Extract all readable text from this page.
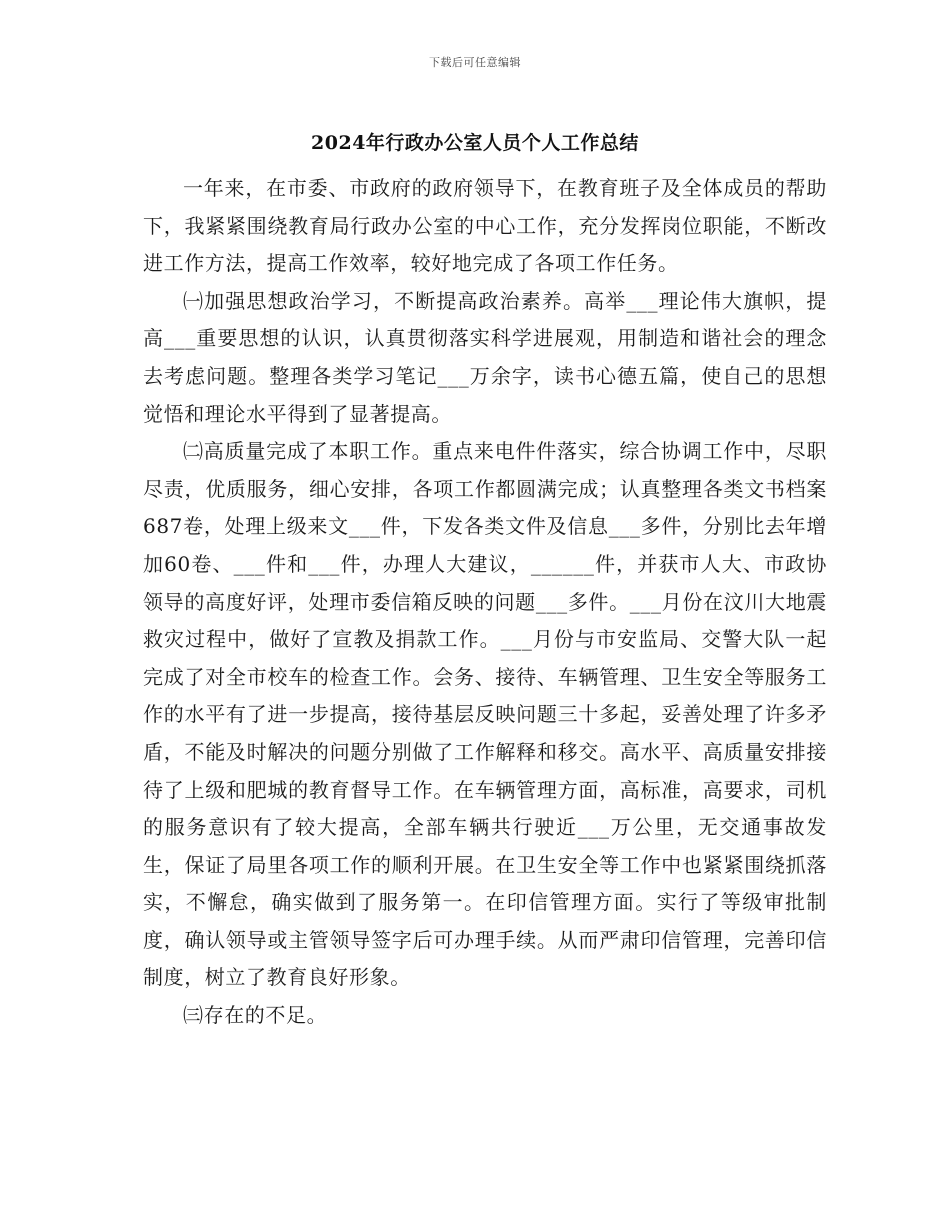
下载后可任意编辑
2024年行政办公室人员个人工作总结

一年来，在市委、市政府的政府领导下，在教育班子及全体成员的帮助下，我紧紧围绕教育局行政办公室的中心工作，充分发挥岗位职能，不断改进工作方法，提高工作效率，较好地完成了各项工作任务。

㈠加强思想政治学习，不断提高政治素养。高举___理论伟大旗帜，提高___重要思想的认识，认真贯彻落实科学进展观，用制造和谐社会的理念去考虑问题。整理各类学习笔记___万余字，读书心德五篇，使自己的思想觉悟和理论水平得到了显著提高。

㈡高质量完成了本职工作。重点来电件件落实，综合协调工作中，尽职尽责，优质服务，细心安排，各项工作都圆满完成；认真整理各类文书档案687卷，处理上级来文___件，下发各类文件及信息___多件，分别比去年增加60卷、___件和___件，办理人大建议，______件，并获市人大、市政协领导的高度好评，处理市委信箱反映的问题___多件。___月份在汶川大地震救灾过程中，做好了宣教及捐款工作。___月份与市安监局、交警大队一起完成了对全市校车的检查工作。会务、接待、车辆管理、卫生安全等服务工作的水平有了进一步提高，接待基层反映问题三十多起，妥善处理了许多矛盾，不能及时解决的问题分别做了工作解释和移交。高水平、高质量安排接待了上级和肥城的教育督导工作。在车辆管理方面，高标准，高要求，司机的服务意识有了较大提高，全部车辆共行驶近___万公里，无交通事故发生，保证了局里各项工作的顺利开展。在卫生安全等工作中也紧紧围绕抓落实，不懈怠，确实做到了服务第一。在印信管理方面。实行了等级审批制度，确认领导或主管领导签字后可办理手续。从而严肃印信管理，完善印信制度，树立了教育良好形象。

㈢存在的不足。
